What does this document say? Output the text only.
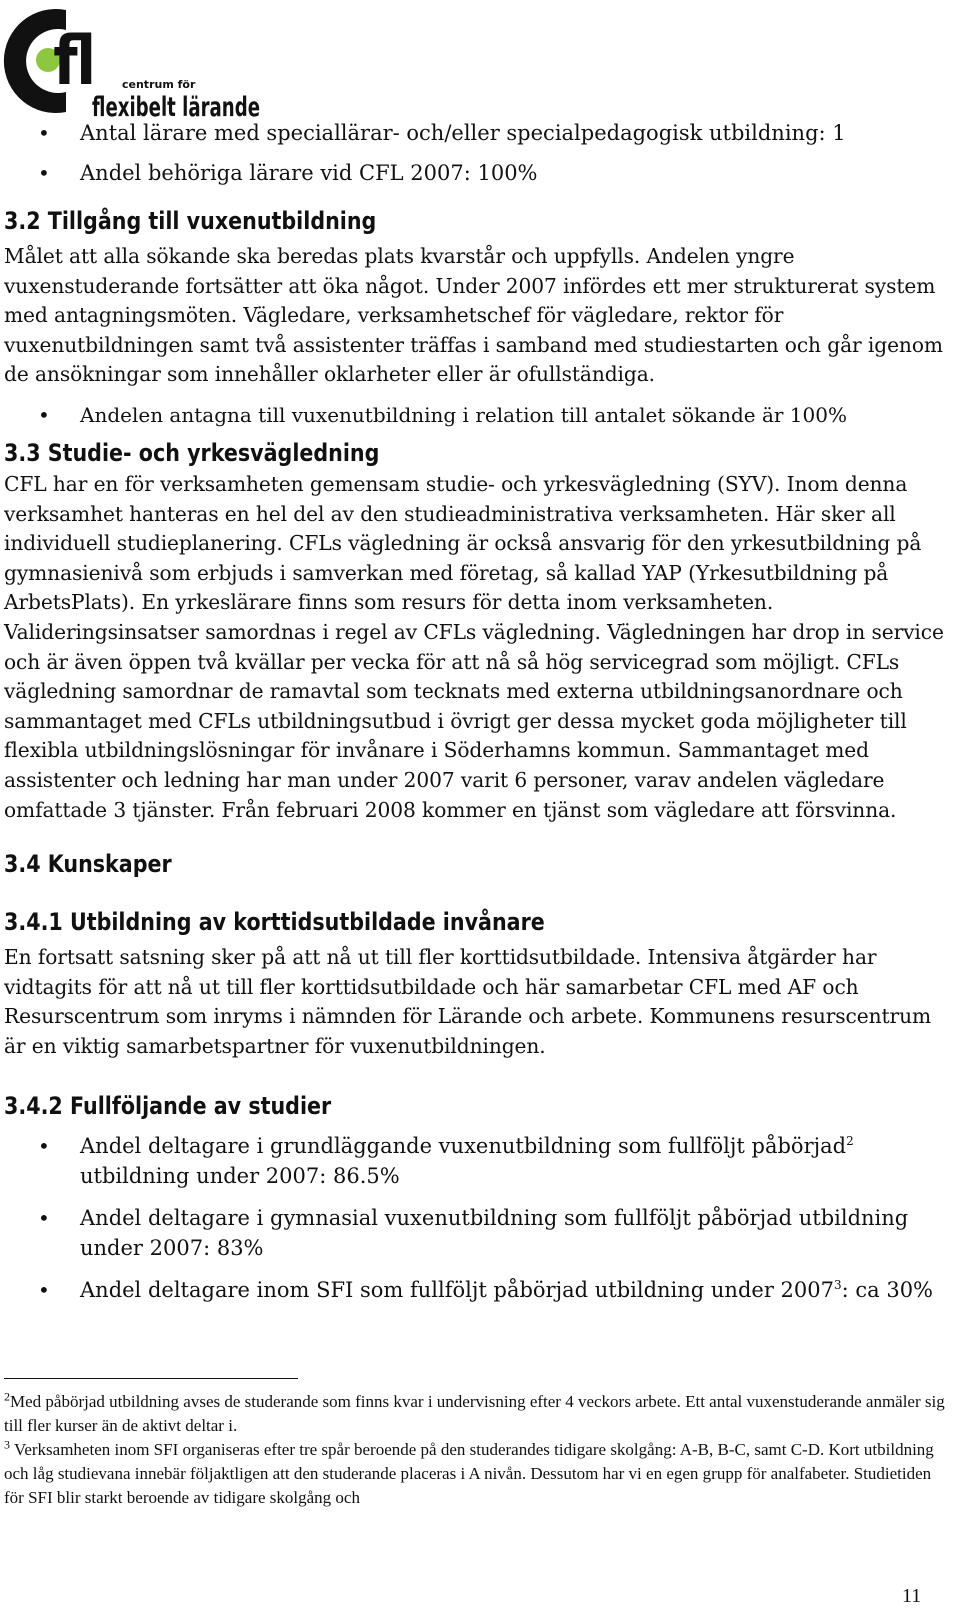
fl centrum för
flexibelt lärande
• Antal lärare med speciallärar- och/eller specialpedagogisk utbildning: 1
• Andel behöriga lärare vid CFL 2007: 100%
3.2 Tillgång till vuxenutbildning

Målet att alla sökande ska beredas plats kvarstår och uppfylls. Andelen yngre vuxenstuderande fortsätter att öka något. Under 2007 infördes ett mer strukturerat system med antagningsmöten. Vägledare, verksamhetschef för vägledare, rektor för vuxenutbildningen samt två assistenter träffas i samband med studiestarten och går igenom de ansökningar som innehåller oklarheter eller är ofullständiga.

• Andelen antagna till vuxenutbildning i relation till antalet sökande är 100%
3.3 Studie- och yrkesvägledning

CFL har en för verksamheten gemensam studie- och yrkesvägledning (SYV). Inom denna verksamhet hanteras en hel del av den studieadministrativa verksamheten. Här sker all individuell studieplanering. CFLs vägledning är också ansvarig för den yrkesutbildning på gymnasienivå som erbjuds i samverkan med företag, så kallad YAP (Yrkesutbildning på ArbetsPlats). En yrkeslärare finns som resurs för detta inom verksamheten. Valideringsinsatser samordnas i regel av CFLs vägledning. Vägledningen har drop in service och är även öppen två kvällar per vecka för att nå så hög servicegrad som möjligt. CFLs vägledning samordnar de ramavtal som tecknats med externa utbildningsanordnare och sammantaget med CFLs utbildningsutbud i övrigt ger dessa mycket goda möjligheter till flexibla utbildningslösningar för invånare i Söderhamns kommun. Sammantaget med assistenter och ledning har man under 2007 varit 6 personer, varav andelen vägledare omfattade 3 tjänster. Från februari 2008 kommer en tjänst som vägledare att försvinna.

3.4 Kunskaper
3.4.1 Utbildning av korttidsutbildade invånare

En fortsatt satsning sker på att nå ut till fler korttidsutbildade. Intensiva åtgärder har vidtagits för att nå ut till fler korttidsutbildade och här samarbetar CFL med AF och Resurscentrum som inryms i nämnden för Lärande och arbete. Kommunens resurscentrum är en viktig samarbetspartner för vuxenutbildningen.

3.4.2 Fullföljande av studier
• Andel deltagare i grundläggande vuxenutbildning som fullföljt påbörjad$^2$ utbildning under 2007: 86.5%
• Andel deltagare i gymnasial vuxenutbildning som fullföljt påbörjad utbildning under 2007: 83%
• Andel deltagare inom SFI som fullföljt påbörjad utbildning under 2007$^3$: ca 30%

$^2$Med påbörjad utbildning avses de studerande som finns kvar i undervisning efter 4 veckors arbete. Ett antal vuxenstuderande anmäler sig till fler kurser än de aktivt deltar i.

$^3$ Verksamheten inom SFI organiseras efter tre spår beroende på den studerandes tidigare skolgång: A-B, B-C, samt C-D. Kort utbildning och låg studievana innebär följaktligen att den studerande placeras i A nivån. Dessutom har vi en egen grupp för analfabeter. Studietiden för SFI blir starkt beroende av tidigare skolgång och

11
